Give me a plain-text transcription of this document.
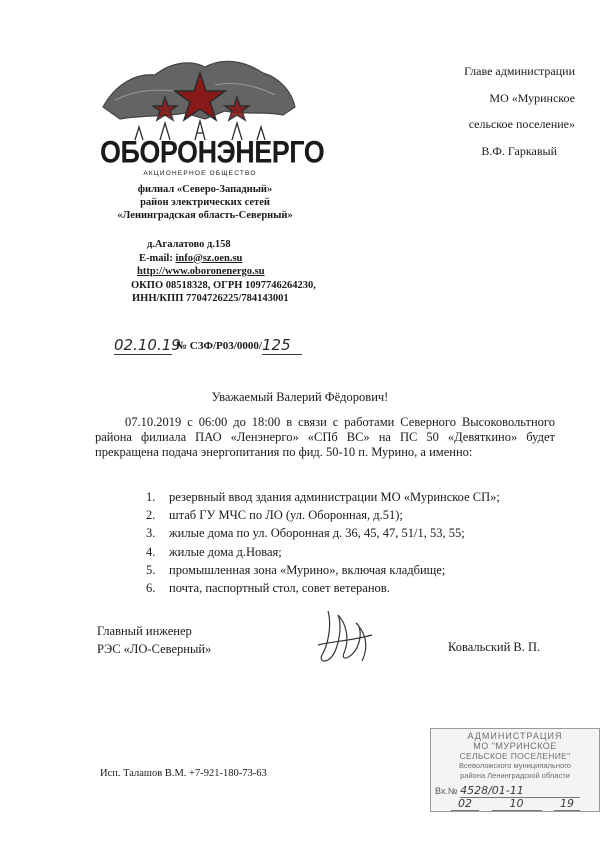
ОБОРОНЭНЕРГО
АКЦИОНЕРНОЕ ОБЩЕСТВО
филиал «Северо-Западный»
район электрических сетей
«Ленинградская область-Северный»
д.Агалатово д.158
E-mail: info@sz.oen.su
http://www.oboronenergo.su
ОКПО 08518328, ОГРН 1097746264230,
ИНН/КПП 7704726225/784143001
Главе администрации
МО «Муринское
сельское поселение»
В.Ф. Гаркавый
02.10.19
№ СЗФ/Р03/0000/ 125
Уважаемый Валерий Фёдорович!
07.10.2019 с 06:00 до 18:00 в связи с работами Северного Высоковольтного района филиала ПАО «Ленэнерго» «СПб ВС» на ПС 50 «Девяткино» будет прекращена подача энергопитания по фид. 50-10 п. Мурино, а именно:
1. резервный ввод здания администрации МО «Муринское СП»;
2. штаб ГУ МЧС по ЛО (ул. Оборонная, д.51);
3. жилые дома по ул. Оборонная д. 36, 45, 47, 51/1, 53, 55;
4. жилые дома д.Новая;
5. промышленная зона «Мурино», включая кладбище;
6. почта, паспортный стол, совет ветеранов.
Главный инженер
РЭС «ЛО-Северный»	Ковальский В. П.
Исп. Талашов В.М. +7-921-180-73-63
АДМИНИСТРАЦИЯ
МО "МУРИНСКОЕ
СЕЛЬСКОЕ ПОСЕЛЕНИЕ"
Всеволожского муниципального
района Ленинградской области
Вх.№ 4528/01-11
02	10	19
